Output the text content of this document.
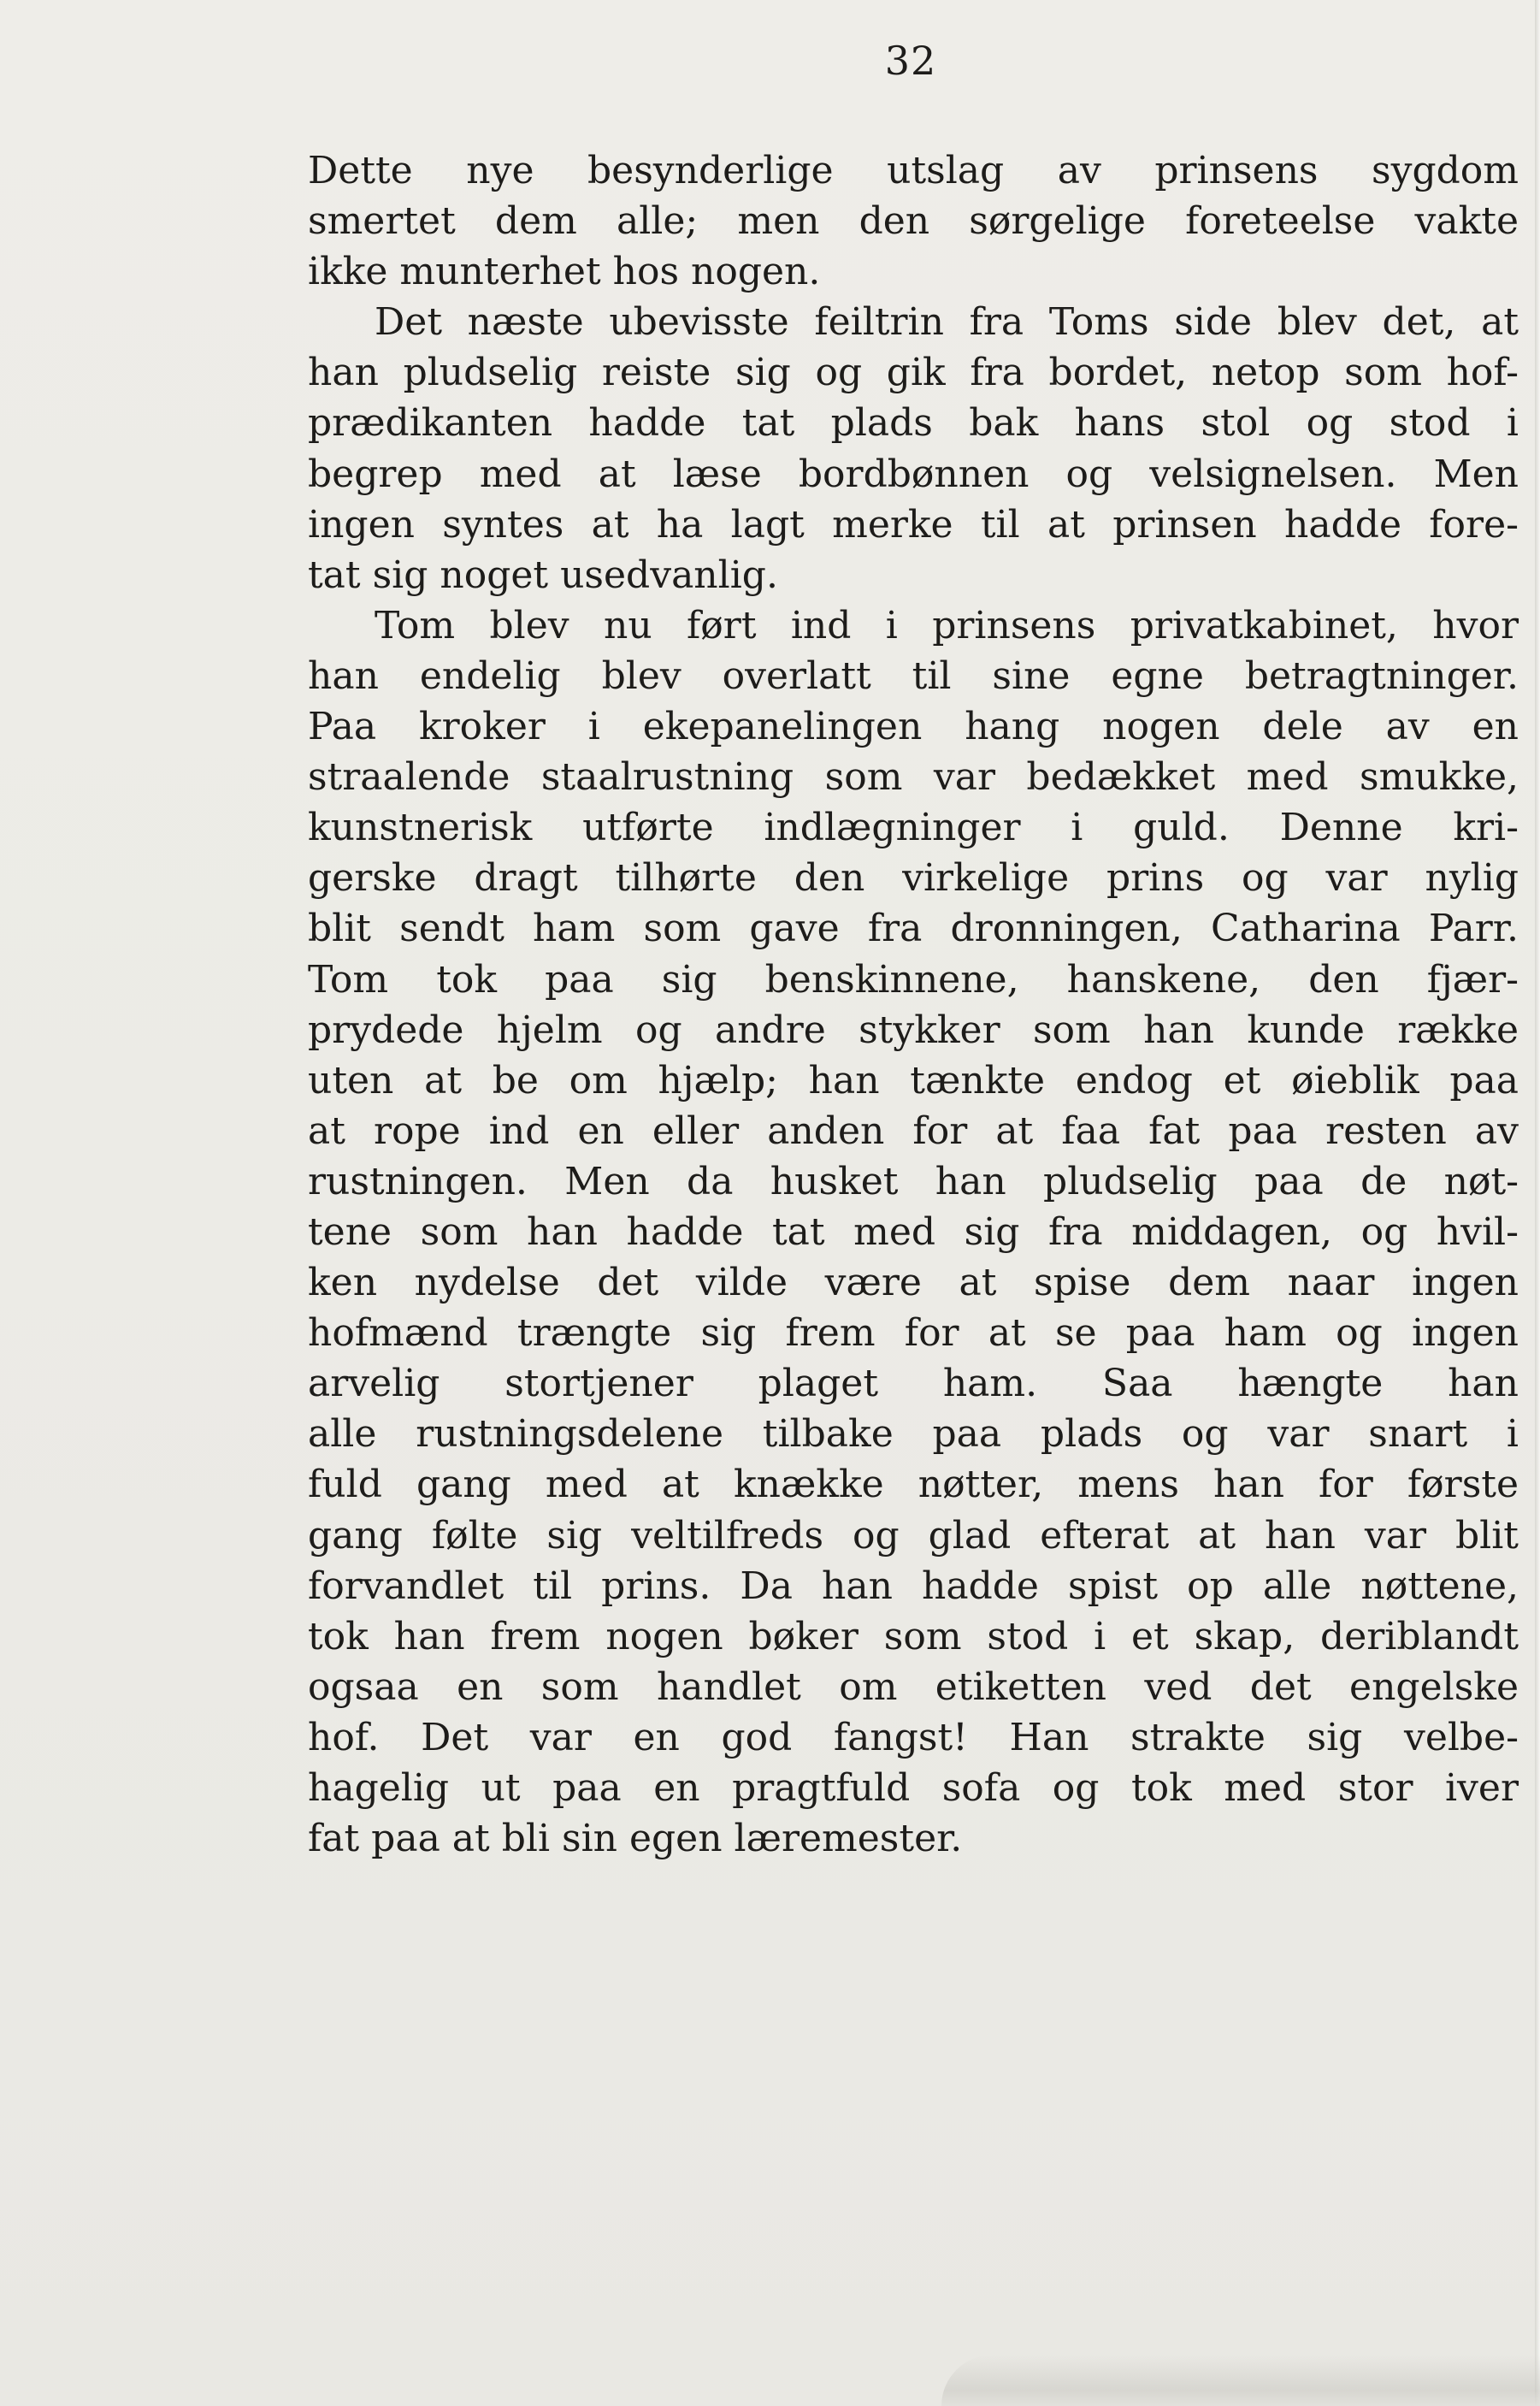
32
Dette nye besynderlige utslag av prinsens sygdom
smertet dem alle; men den sørgelige foreteelse vakte
ikke munterhet hos nogen.
Det næste ubevisste feiltrin fra Toms side blev det, at
han pludselig reiste sig og gik fra bordet, netop som hof-
prædikanten hadde tat plads bak hans stol og stod i
begrep med at læse bordbønnen og velsignelsen. Men
ingen syntes at ha lagt merke til at prinsen hadde fore-
tat sig noget usedvanlig.
Tom blev nu ført ind i prinsens privatkabinet, hvor
han endelig blev overlatt til sine egne betragtninger.
Paa kroker i ekepanelingen hang nogen dele av en
straalende staalrustning som var bedækket med smukke,
kunstnerisk utførte indlægninger i guld. Denne kri-
gerske dragt tilhørte den virkelige prins og var nylig
blit sendt ham som gave fra dronningen, Catharina Parr.
Tom tok paa sig benskinnene, hanskene, den fjær-
prydede hjelm og andre stykker som han kunde række
uten at be om hjælp; han tænkte endog et øieblik paa
at rope ind en eller anden for at faa fat paa resten av
rustningen. Men da husket han pludselig paa de nøt-
tene som han hadde tat med sig fra middagen, og hvil-
ken nydelse det vilde være at spise dem naar ingen
hofmænd trængte sig frem for at se paa ham og ingen
arvelig stortjener plaget ham. Saa hængte han
alle rustningsdelene tilbake paa plads og var snart i
fuld gang med at knække nøtter, mens han for første
gang følte sig veltilfreds og glad efterat at han var blit
forvandlet til prins. Da han hadde spist op alle nøttene,
tok han frem nogen bøker som stod i et skap, deriblandt
ogsaa en som handlet om etiketten ved det engelske
hof. Det var en god fangst! Han strakte sig velbe-
hagelig ut paa en pragtfuld sofa og tok med stor iver
fat paa at bli sin egen læremester.
